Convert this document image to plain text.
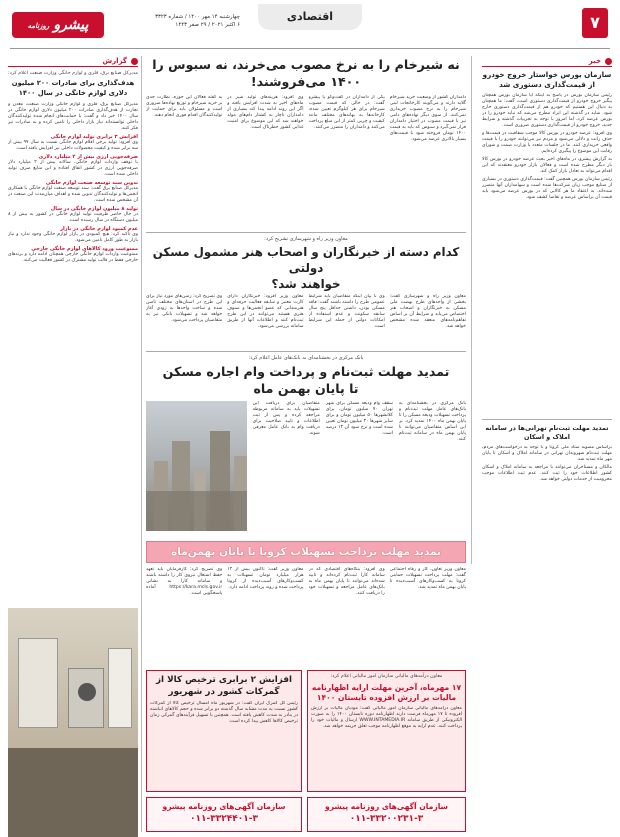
۷
اقتصادی
پیشرو
روزنامه
چهارشنبه ۱۴ مهر ۱۴۰۰ / شماره ۳۳۲۳
۶ اکتبر ۲۰۲۱ / ۲۹ صفر ۱۴۴۳
خبر
سازمان بورس خواستار خروج خودرو از قیمت‌گذاری دستوری شد

رئیس سازمان بورس در پاسخ به اینکه آیا سازمان بورس همچنان پیگیر خروج خودرو از قیمت‌گذاری دستوری است، گفت: ما همچنان به دنبال این هستیم که خودرو هم از قیمت‌گذاری دستوری خارج شود. شاید در گذشته این ایراد مطرح می‌شد که نباید خودرو را در بورس عرضه کرد، اما امروز با توجه به تجربیات گذشته و شرایط جدید، خروج خودرو از قیمت‌گذاری دستوری ضروری است.

وی افزود: عرضه خودرو در بورس کالا موجب شفافیت در قیمت‌ها و حذف رانت و دلالی می‌شود و مردم نیز می‌توانند خودرو را با قیمت واقعی خریداری کنند. ما در جلسات متعدد با وزارت صمت و شورای رقابت این موضوع را پیگیری کرده‌ایم.

به گزارش پیشرو، در ماه‌های اخیر بحث عرضه خودرو در بورس کالا بار دیگر مطرح شده است و فعالان بازار خودرو معتقدند که این اقدام می‌تواند به تعادل بازار کمک کند.

رئیس سازمان بورس همچنین گفت: قیمت‌گذاری دستوری در بسیاری از صنایع موجب زیان شرکت‌ها شده است و سهامداران آنها متضرر شده‌اند. به اعتقاد ما هر کالایی که در بورس عرضه می‌شود باید قیمت آن براساس عرضه و تقاضا کشف شود.

تمدید مهلت ثبت‌نام تهرانی‌ها در سامانه املاک و اسکان

براساس مصوبه ستاد ملی کرونا و با توجه به درخواست‌های مردم، مهلت ثبت‌نام شهروندان تهرانی در سامانه املاک و اسکان تا پایان مهر ماه تمدید شد.

مالکان و مستاجران می‌توانند با مراجعه به سامانه املاک و اسکان کشور اطلاعات خود را ثبت کنند. عدم ثبت اطلاعات موجب محرومیت از خدمات دولتی خواهد شد.

گزارش
مدیرکل صنایع برق، فلزی و لوازم خانگی وزارت صنعت اعلام کرد:
هدف‌گذاری برای صادرات ۲۰۰ میلیون دلاری لوازم خانگی در سال ۱۴۰۰

مدیرکل صنایع برق، فلزی و لوازم خانگی وزارت صنعت، معدن و تجارت از هدف‌گذاری صادرات ۲۰۰ میلیون دلاری لوازم خانگی در سال ۱۴۰۰ خبر داد و گفت: با حمایت‌های انجام شده تولیدکنندگان داخلی توانسته‌اند نیاز بازار داخلی را تامین کرده و به صادرات نیز فکر کنند.

افزایش ۳ برابری تولید لوازم خانگی

وی افزود: تولید برخی اقلام لوازم خانگی نسبت به سال ۹۷ بیش از سه برابر شده و کیفیت محصولات داخلی نیز افزایش یافته است.

صرفه‌جویی ارزی بیش از ۲ میلیارد دلاری

با توقف واردات لوازم خانگی، سالانه بیش از ۲ میلیارد دلار صرفه‌جویی ارزی در کشور اتفاق افتاده و این منابع صرف تولید داخلی شده است.

تدوین سند توسعه صنعت لوازم خانگی

مدیرکل صنایع برق گفت: سند توسعه صنعت لوازم خانگی با همکاری انجمن‌ها و تولیدکنندگان تدوین شده و اهداف میان‌مدت این صنعت در آن مشخص شده است.

تولید ۸ میلیون لوازم خانگی در سال

در حال حاضر ظرفیت تولید لوازم خانگی در کشور به بیش از ۸ میلیون دستگاه در سال رسیده است.

عدم کمبود لوازم خانگی در بازار

وی تاکید کرد: هیچ کمبودی در بازار لوازم خانگی وجود ندارد و نیاز بازار به طور کامل تامین می‌شود.

ممنوعیت ورود کالاهای لوازم خانگی خارجی

ممنوعیت واردات لوازم خانگی خارجی همچنان ادامه دارد و برندهای خارجی فقط در قالب تولید مشترک در کشور فعالیت می‌کنند.

نه شیرخام را به نرخ مصوب می‌خرند، نه سبوس را
۱۴۰۰ می‌فروشند!
دامداران کشور از وضعیت خرید شیرخام گلایه دارند و می‌گویند کارخانجات لبنی شیرخام را به نرخ مصوب خریداری نمی‌کنند. از سوی دیگر نهاده‌های دامی نیز با قیمت مصوب در اختیار دامداران قرار نمی‌گیرد و سبوس که باید به قیمت ۱۴۰۰ تومان فروخته شود با قیمت‌های بسیار بالاتری عرضه می‌شود.
یکی از دامداران در گفت‌وگو با پیشرو گفت: در حالی که قیمت مصوب شیرخام برای هر کیلوگرم تعیین شده، کارخانه‌ها به بهانه‌های مختلف مانند کیفیت و چربی کمتر از این مبلغ پرداخت می‌کنند و دامداران را متضرر می‌کنند.
وی افزود: هزینه‌های تولید شیر در ماه‌های اخیر به شدت افزایش یافته و اگر این روند ادامه پیدا کند بسیاری از دامداران ناچار به کشتار دام‌های مولد خواهند شد که این موضوع برای امنیت غذایی کشور خطرناک است.
به گفته فعالان این حوزه، نظارت جدی بر خرید شیرخام و توزیع نهاده‌ها ضروری است و مسئولان باید برای حمایت از تولیدکنندگان اقدام فوری انجام دهند.
معاون وزیر راه و شهرسازی تشریح کرد:
کدام دسته از خبرنگاران و اصحاب هنر مشمول مسکن دولتی
خواهند شد؟
معاون وزیر راه و شهرسازی گفت: بخشی از واحدهای طرح نهضت ملی مسکن به خبرنگاران و اصحاب هنر اختصاص می‌یابد و شرایط آن بر اساس تفاهم‌نامه‌های منعقد شده مشخص خواهد شد.
وی با بیان اینکه متقاضیان باید شرایط عمومی طرح را داشته باشند گفت: فاقد مسکن بودن، داشتن حداقل پنج سال سابقه سکونت و عدم استفاده از امکانات دولتی از جمله این شرایط است.
معاون وزیر افزود: خبرنگاران دارای کارت معتبر و سابقه فعالیت حرفه‌ای و هنرمندانی که عضو انجمن‌ها و صنوف هنری هستند می‌توانند در این طرح ثبت‌نام کنند و اطلاعات آنها از طریق سامانه بررسی می‌شود.
وی تصریح کرد: زمین‌های مورد نیاز برای این طرح در استان‌های مختلف تامین شده و ساخت واحدها به زودی آغاز خواهد شد و تسهیلات بانکی نیز به متقاضیان پرداخت می‌شود.
بانک مرکزی در بخشنامه‌ای به بانک‌های عامل اعلام کرد:
تمدید مهلت ثبت‌نام و پرداخت وام اجاره مسکن
تا پایان بهمن ماه
بانک مرکزی در بخشنامه‌ای به بانک‌های عامل مهلت ثبت‌نام و پرداخت تسهیلات ودیعه مسکن را تا پایان بهمن ماه ۱۴۰۰ تمدید کرد. بر این اساس متقاضیان می‌توانند تا پایان بهمن ماه در سامانه ثبت‌نام کنند.
سقف وام ودیعه مسکن برای شهر تهران ۷۰ میلیون تومان، برای کلانشهرها ۵۰ میلیون تومان و برای سایر شهرها ۳۰ میلیون تومان تعیین شده است و نرخ سود آن ۱۳ درصد است.
متقاضیان برای دریافت این تسهیلات باید به سامانه مربوطه مراجعه کرده و پس از ثبت اطلاعات و تایید صلاحیت برای دریافت وام به بانک عامل معرفی شوند.
تمدید مهلت پرداخت تسهیلات کرونا تا پایان بهمن‌ماه
معاون وزیر تعاون، کار و رفاه اجتماعی گفت: مهلت پرداخت تسهیلات حمایتی کرونا به کسب‌وکارهای آسیب‌دیده تا پایان بهمن ماه تمدید شد.
وی افزود: بنگاه‌های اقتصادی که در سامانه کارا ثبت‌نام کرده‌اند و تایید شده‌اند می‌توانند تا پایان بهمن ماه به بانک‌های عامل مراجعه و تسهیلات خود را دریافت کنند.
معاون وزیر گفت: تاکنون بیش از ۱۲ هزار میلیارد تومان تسهیلات به کسب‌وکارهای آسیب‌دیده از کرونا پرداخت شده و روند پرداخت ادامه دارد.
وی تصریح کرد: کارفرمایان باید تعهد حفظ اشتغال نیروی کار را داشته باشند و سامانه کارا به نشانی https://kara.mcls.gov.ir آماده پاسخگویی است.
معاون درآمدهای مالیاتی سازمان امور مالیاتی اعلام کرد:
۱۷ مهرماه، آخرین مهلت ارایه اظهارنامه مالیات بر ارزش افزوده تابستان ۱۴۰۰
معاون درآمدهای مالیاتی سازمان امور مالیاتی گفت: مودیان مالیات بر ارزش افزوده تا ۱۷ مهرماه فرصت دارند اظهارنامه دوره تابستان ۱۴۰۰ را به صورت الکترونیکی از طریق سامانه WWW.INTAMEDIA.IR ارسال و مالیات خود را پرداخت کنند. عدم ارایه به موقع اظهارنامه موجب تعلق جریمه خواهد شد.
افزایش ۲ برابری ترخیص کالا از
گمرکات کشور در شهریور
رئیس کل گمرک ایران گفت: در شهریور ماه امسال ترخیص کالا از گمرکات کشور نسبت به مدت مشابه سال گذشته دو برابر شده و حجم کالاهای انباشته در بنادر به شدت کاهش یافته است. همچنین با تسهیل فرآیندهای گمرکی زمان ترخیص کالاها کاهش پیدا کرده است.
سازمان آگهی‌های روزنامه پیشرو
۰۱۱-۳۳۲۰۰۲۳۱-۳
سازمان آگهی‌های روزنامه پیشرو
۰۱۱-۳۳۲۴۴۰۱-۳
